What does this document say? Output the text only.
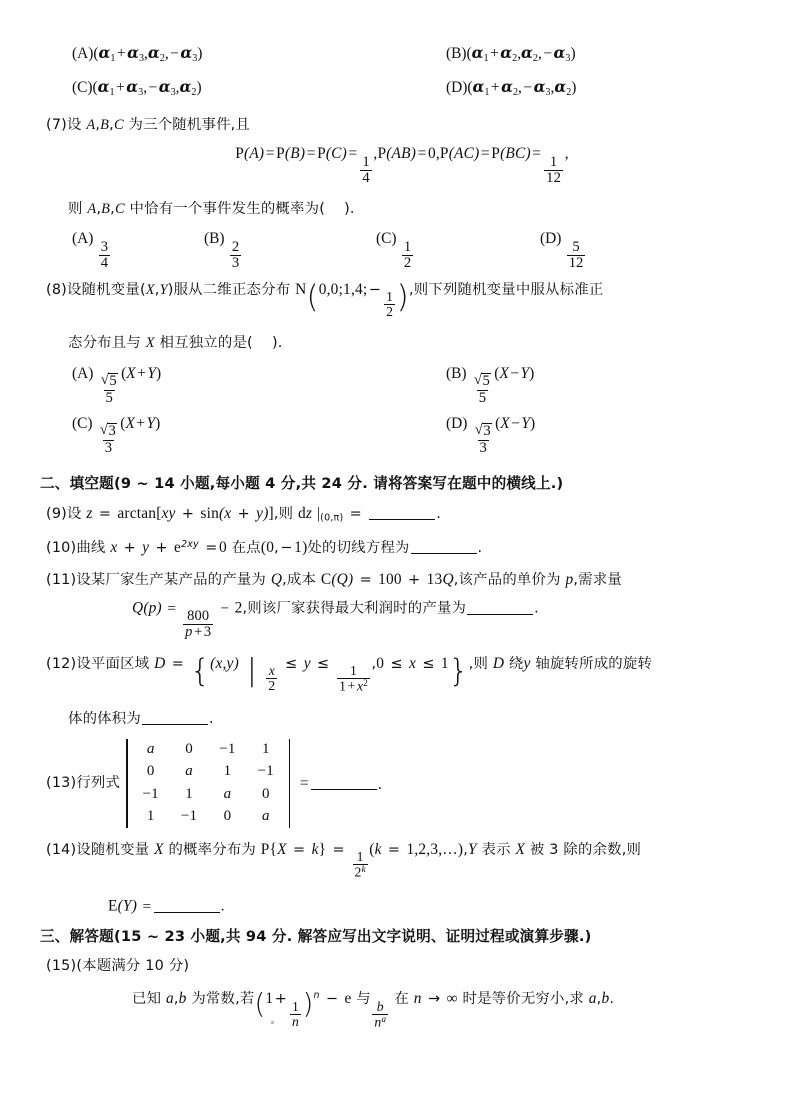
$(A)(\alpha_1+\alpha_3,\alpha_2,-\alpha_3)$	$(B)(\alpha_1+\alpha_2,\alpha_2,-\alpha_3)$
$(C)(\alpha_1+\alpha_3,-\alpha_3,\alpha_2)$	$(D)(\alpha_1+\alpha_2,-\alpha_3,\alpha_2)$
(7)设 A,B,C 为三个随机事件,且
P(A)=P(B)=P(C)=
$\frac{1}{4}$
,P(AB)=0,P(AC)=P(BC)=
$\frac{1}{12}$
,
则 A,B,C 中恰有一个事件发生的概率为(    ).
(A)
$\frac{3}{4}$
(B)
$\frac{2}{3}$
(C)
$\frac{1}{2}$
(D)
$\frac{5}{12}$
(8)设随机变量(X,Y)服从二维正态分布 N(0,0;1,4; −
$\frac{1}{2}$ ),则下列随机变量中服从标准正
态分布且与 X 相互独立的是(    ).
(A)
√ $\frac{5}{5}$
(X+Y)	(B)
√ $\frac{5}{5}$
(X−Y)
(C)
√ $\frac{3}{3}$
(X+Y)	(D)
√ $\frac{3}{3}$
(X−Y)
二、填空题(9 ~ 14 小题,每小题 4 分,共 24 分. 请将答案写在题中的横线上.)
(9)设 z = arctan[xy + sin(x + y)],则 dz $|_{(0,\pi)}$ =	.
(10)曲线 $x + y + e^{2xy} =0$ 在点(0, −1)处的切线方程为	.
(11)设某厂家生产某产品的产量为 Q,成本 C(Q) = 100 + 13Q,该产品的单价为 p,需求量
Q(p) =
$\frac{800}{p + 3}$
− 2,则该厂家获得最大利润时的产量为	.
(12)设平面区域 D = {(x,y) | $\frac{x}{2}$
≤ y ≤
$\frac{1}{1 + x^2}$
,0 ≤ x ≤ 1},则 D 绕y 轴旋转所成的旋转
体的体积为	.
(13)行列式
a	0	−1	1
0	a	1	−1
−1	1	a	0
1	−1	0	a
=	.
(14)设随机变量 X 的概率分布为 P{X = k} =
$\frac{1}{2^k}$
(k = 1,2,3,…),Y 表示 X 被 3 除的余数,则
E(Y) =	.
三、解答题(15 ~ 23 小题,共 94 分. 解答应写出文字说明、证明过程或演算步骤.)
(15)(本题满分 10 分)
已知 a,b 为常数,若(1 +
$\frac{1}{n} )^n - e$ 与
$\frac{b}{n^a}$
在 n → ∞ 时是等价无穷小,求 a,b.
